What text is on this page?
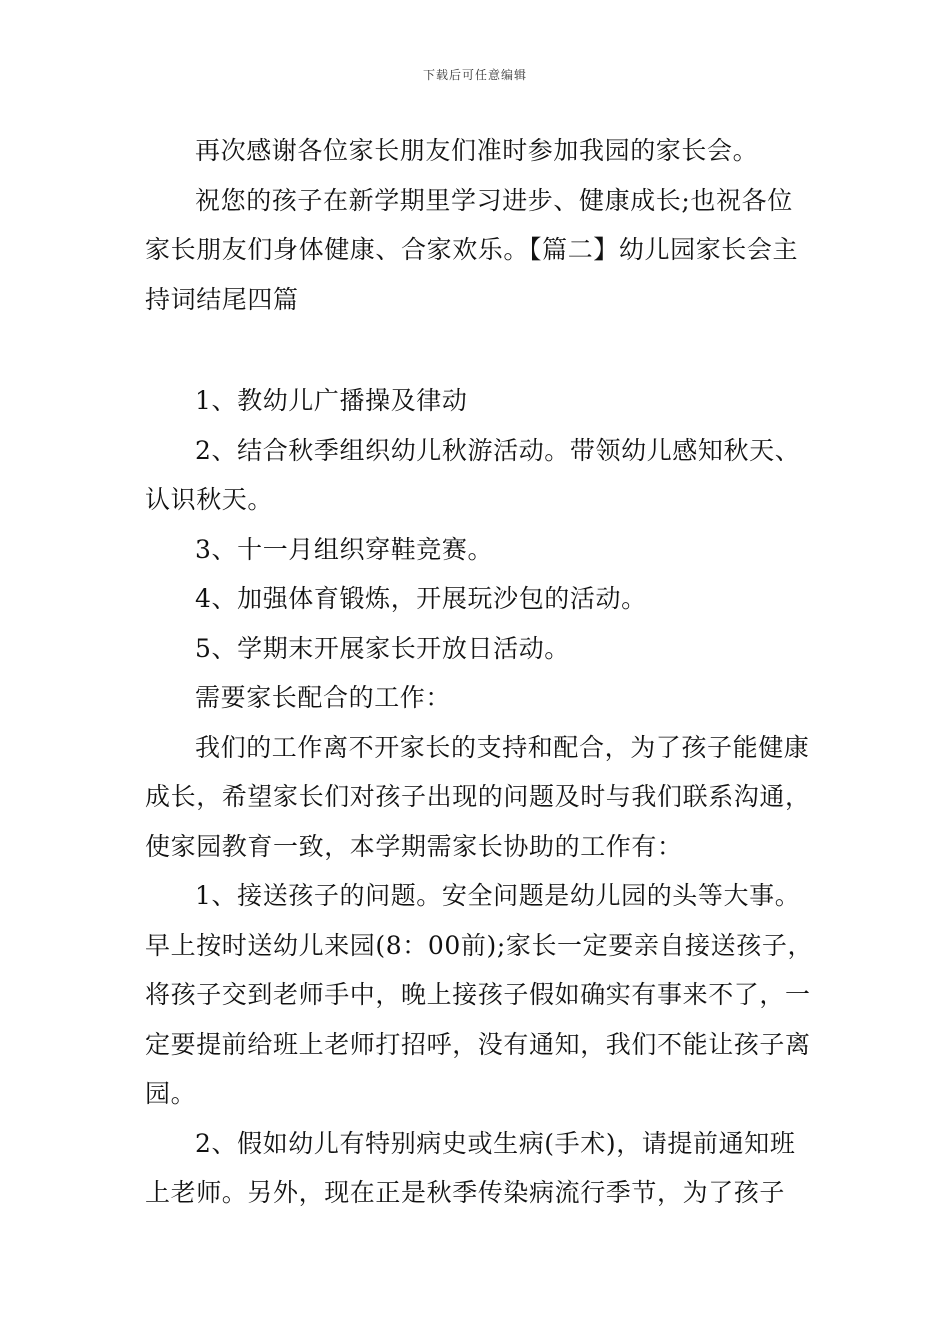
下载后可任意编辑

再次感谢各位家长朋友们准时参加我园的家长会。

祝您的孩子在新学期里学习进步、健康成长;也祝各位家长朋友们身体健康、合家欢乐。【篇二】幼儿园家长会主持词结尾四篇

1、教幼儿广播操及律动

2、结合秋季组织幼儿秋游活动。带领幼儿感知秋天、认识秋天。

3、十一月组织穿鞋竞赛。

4、加强体育锻炼，开展玩沙包的活动。

5、学期末开展家长开放日活动。

需要家长配合的工作：

我们的工作离不开家长的支持和配合，为了孩子能健康成长，希望家长们对孩子出现的问题及时与我们联系沟通，使家园教育一致，本学期需家长协助的工作有：

1、接送孩子的问题。安全问题是幼儿园的头等大事。早上按时送幼儿来园(8：00前);家长一定要亲自接送孩子，将孩子交到老师手中，晚上接孩子假如确实有事来不了，一定要提前给班上老师打招呼，没有通知，我们不能让孩子离园。

2、假如幼儿有特别病史或生病(手术)，请提前通知班上老师。另外，现在正是秋季传染病流行季节，为了孩子
